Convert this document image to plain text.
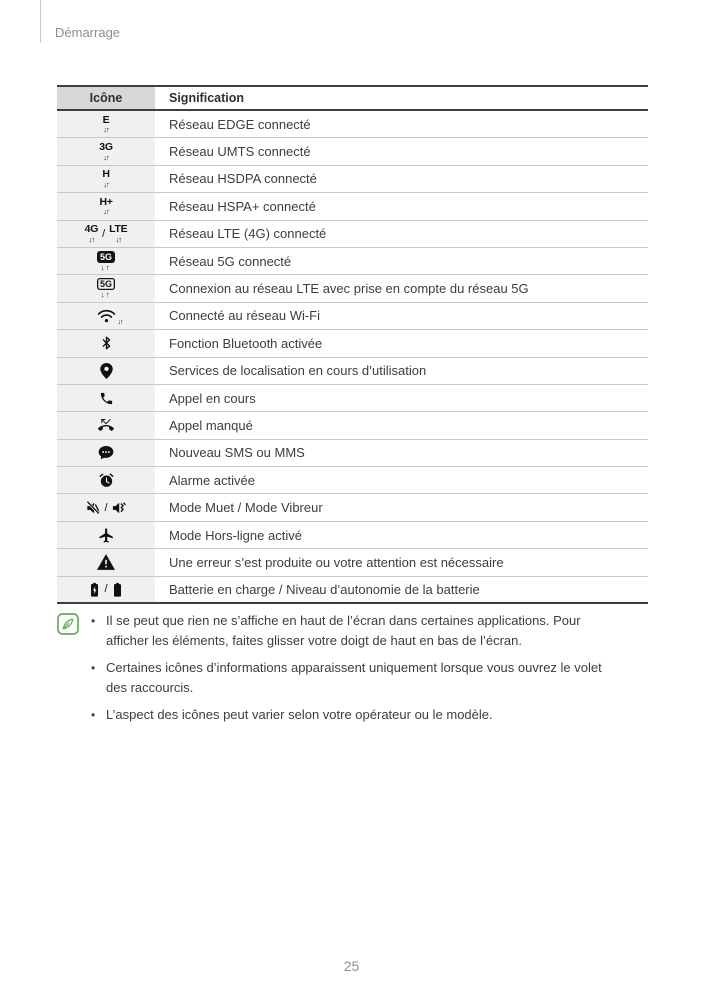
Démarrage
Icône	Signification
E
↓↑	Réseau EDGE connecté
3G
↓↑	Réseau UMTS connecté
H
↓↑	Réseau HSDPA connecté
H+
↓↑	Réseau HSPA+ connecté
4G
↓↑ / LTE
↓↑	Réseau LTE (4G) connecté
5G
↓↑	Réseau 5G connecté
5G
↓↑	Connexion au réseau LTE avec prise en compte du réseau 5G
↓↑	Connecté au réseau Wi-Fi
Fonction Bluetooth activée
Services de localisation en cours d’utilisation
Appel en cours
Appel manqué
Nouveau SMS ou MMS
Alarme activée
/	Mode Muet / Mode Vibreur
Mode Hors-ligne activé
Une erreur s’est produite ou votre attention est nécessaire
/	Batterie en charge / Niveau d’autonomie de la batterie
• Il se peut que rien ne s’affiche en haut de l’écran dans certaines applications. Pour afficher les éléments, faites glisser votre doigt de haut en bas de l’écran.
• Certaines icônes d’informations apparaissent uniquement lorsque vous ouvrez le volet des raccourcis.
• L’aspect des icônes peut varier selon votre opérateur ou le modèle.
25
